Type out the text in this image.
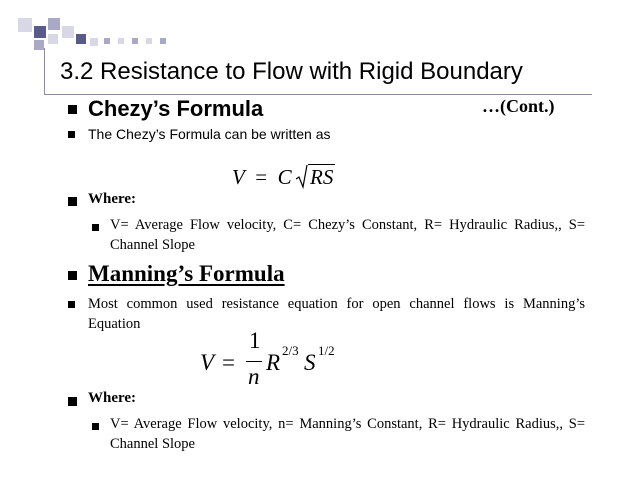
3.2 Resistance to Flow with Rigid Boundary
Chezy’s Formula	…(Cont.)
The Chezy’s Formula can be written as
V = C RS
Where:
V= Average Flow velocity, C= Chezy’s Constant, R= Hydraulic Radius,, S= Channel Slope
Manning’s Formula
Most common used resistance equation for open channel flows is Manning’s Equation
V =
1
n
R 2/3 S 1/2
Where:
V= Average Flow velocity, n= Manning’s Constant, R= Hydraulic Radius,, S= Channel Slope
